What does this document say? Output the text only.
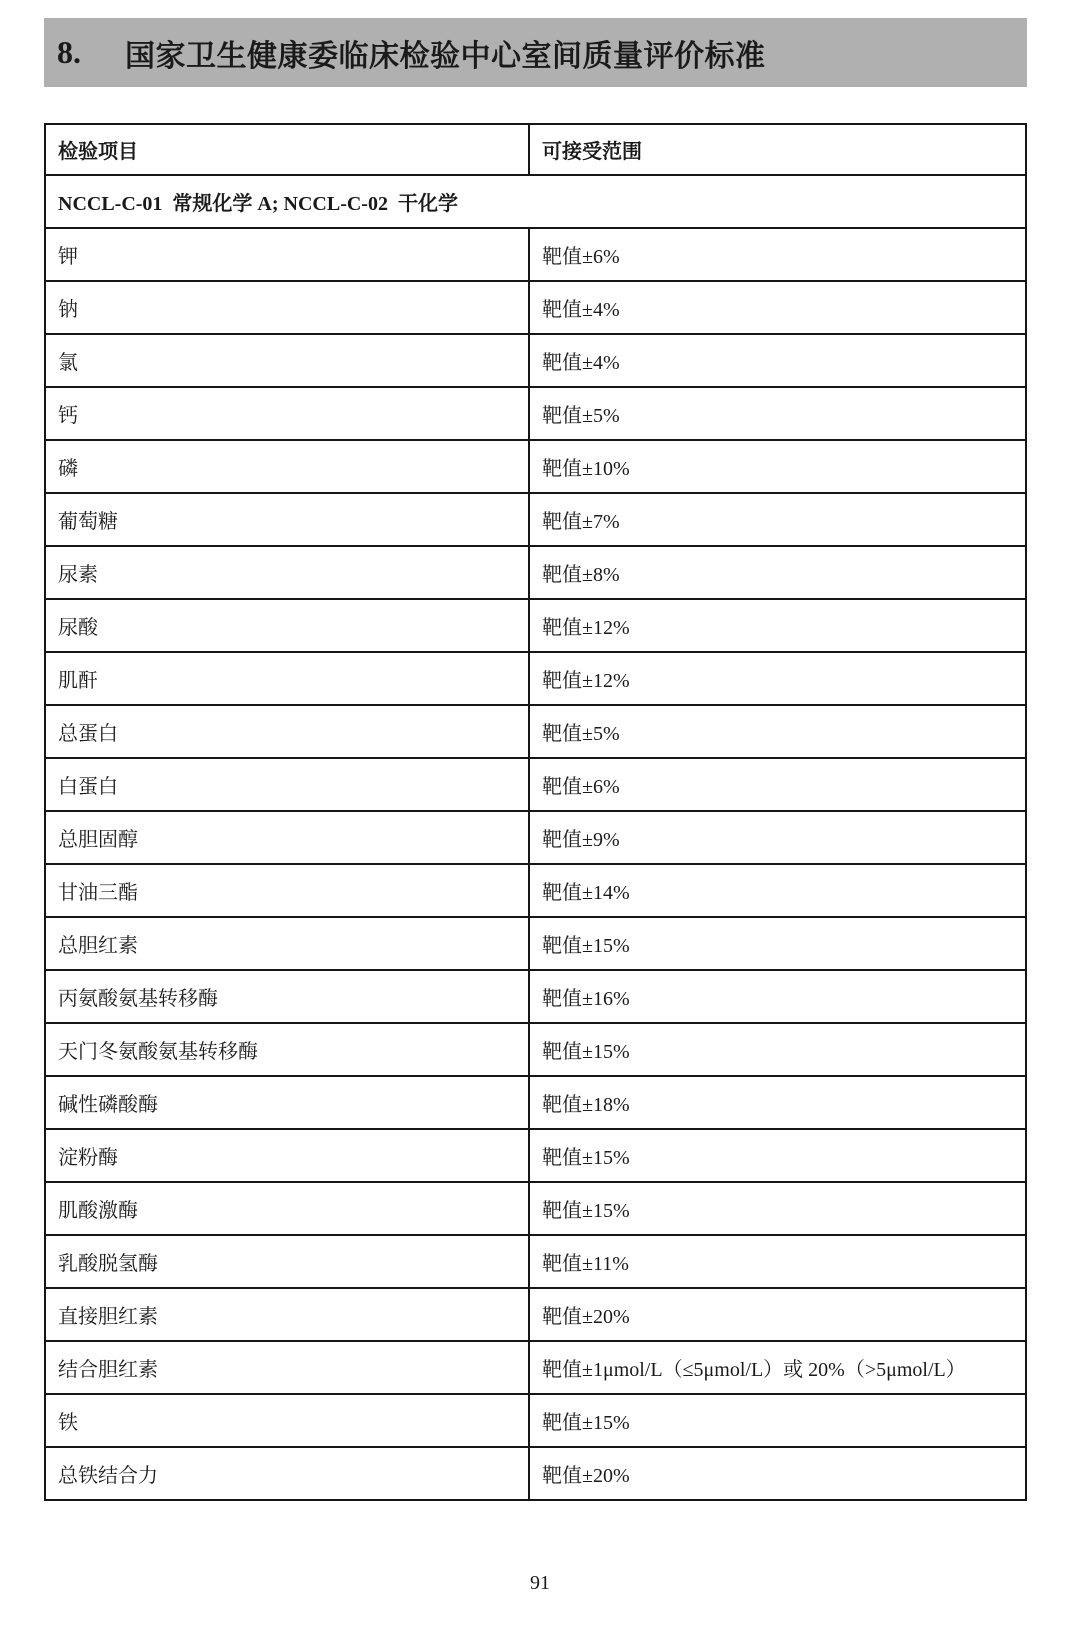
8. 国家卫生健康委临床检验中心室间质量评价标准
检验项目	可接受范围
NCCL-C-01  常规化学 A; NCCL-C-02  干化学	
钾	靶值±6%
钠	靶值±4%
氯	靶值±4%
钙	靶值±5%
磷	靶值±10%
葡萄糖	靶值±7%
尿素	靶值±8%
尿酸	靶值±12%
肌酐	靶值±12%
总蛋白	靶值±5%
白蛋白	靶值±6%
总胆固醇	靶值±9%
甘油三酯	靶值±14%
总胆红素	靶值±15%
丙氨酸氨基转移酶	靶值±16%
天门冬氨酸氨基转移酶	靶值±15%
碱性磷酸酶	靶值±18%
淀粉酶	靶值±15%
肌酸激酶	靶值±15%
乳酸脱氢酶	靶值±11%
直接胆红素	靶值±20%
结合胆红素	靶值±1μmol/L（≤5μmol/L）或 20%（>5μmol/L）
铁	靶值±15%
总铁结合力	靶值±20%
91
